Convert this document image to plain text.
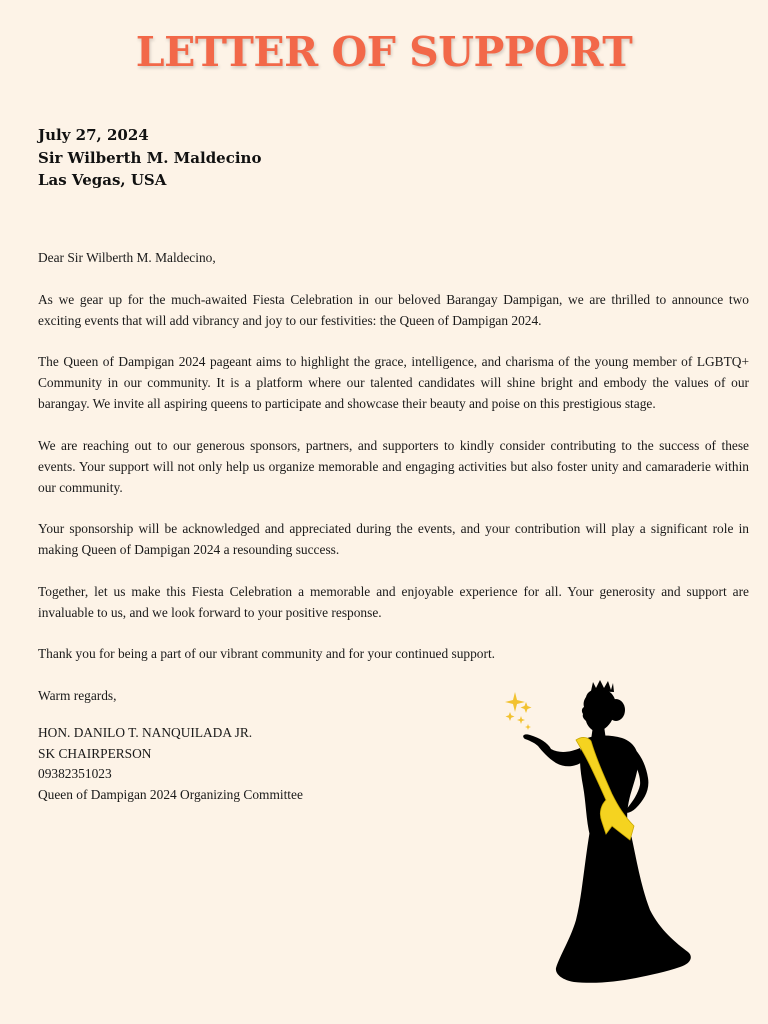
LETTER OF SUPPORT
July 27, 2024
Sir Wilberth M. Maldecino
Las Vegas, USA

Dear Sir Wilberth M. Maldecino,

As we gear up for the much-awaited Fiesta Celebration in our beloved Barangay Dampigan, we are thrilled to announce two exciting events that will add vibrancy and joy to our festivities: the Queen of Dampigan 2024.

The Queen of Dampigan 2024 pageant aims to highlight the grace, intelligence, and charisma of the young member of LGBTQ+ Community in our community. It is a platform where our talented candidates will shine bright and embody the values of our barangay. We invite all aspiring queens to participate and showcase their beauty and poise on this prestigious stage.

We are reaching out to our generous sponsors, partners, and supporters to kindly consider contributing to the success of these events. Your support will not only help us organize memorable and engaging activities but also foster unity and camaraderie within our community.

Your sponsorship will be acknowledged and appreciated during the events, and your contribution will play a significant role in making Queen of Dampigan 2024 a resounding success.

Together, let us make this Fiesta Celebration a memorable and enjoyable experience for all. Your generosity and support are invaluable to us, and we look forward to your positive response.

Thank you for being a part of our vibrant community and for your continued support.

Warm regards,

HON. DANILO T. NANQUILADA JR.
SK CHAIRPERSON
09382351023
Queen of Dampigan 2024 Organizing Committee
